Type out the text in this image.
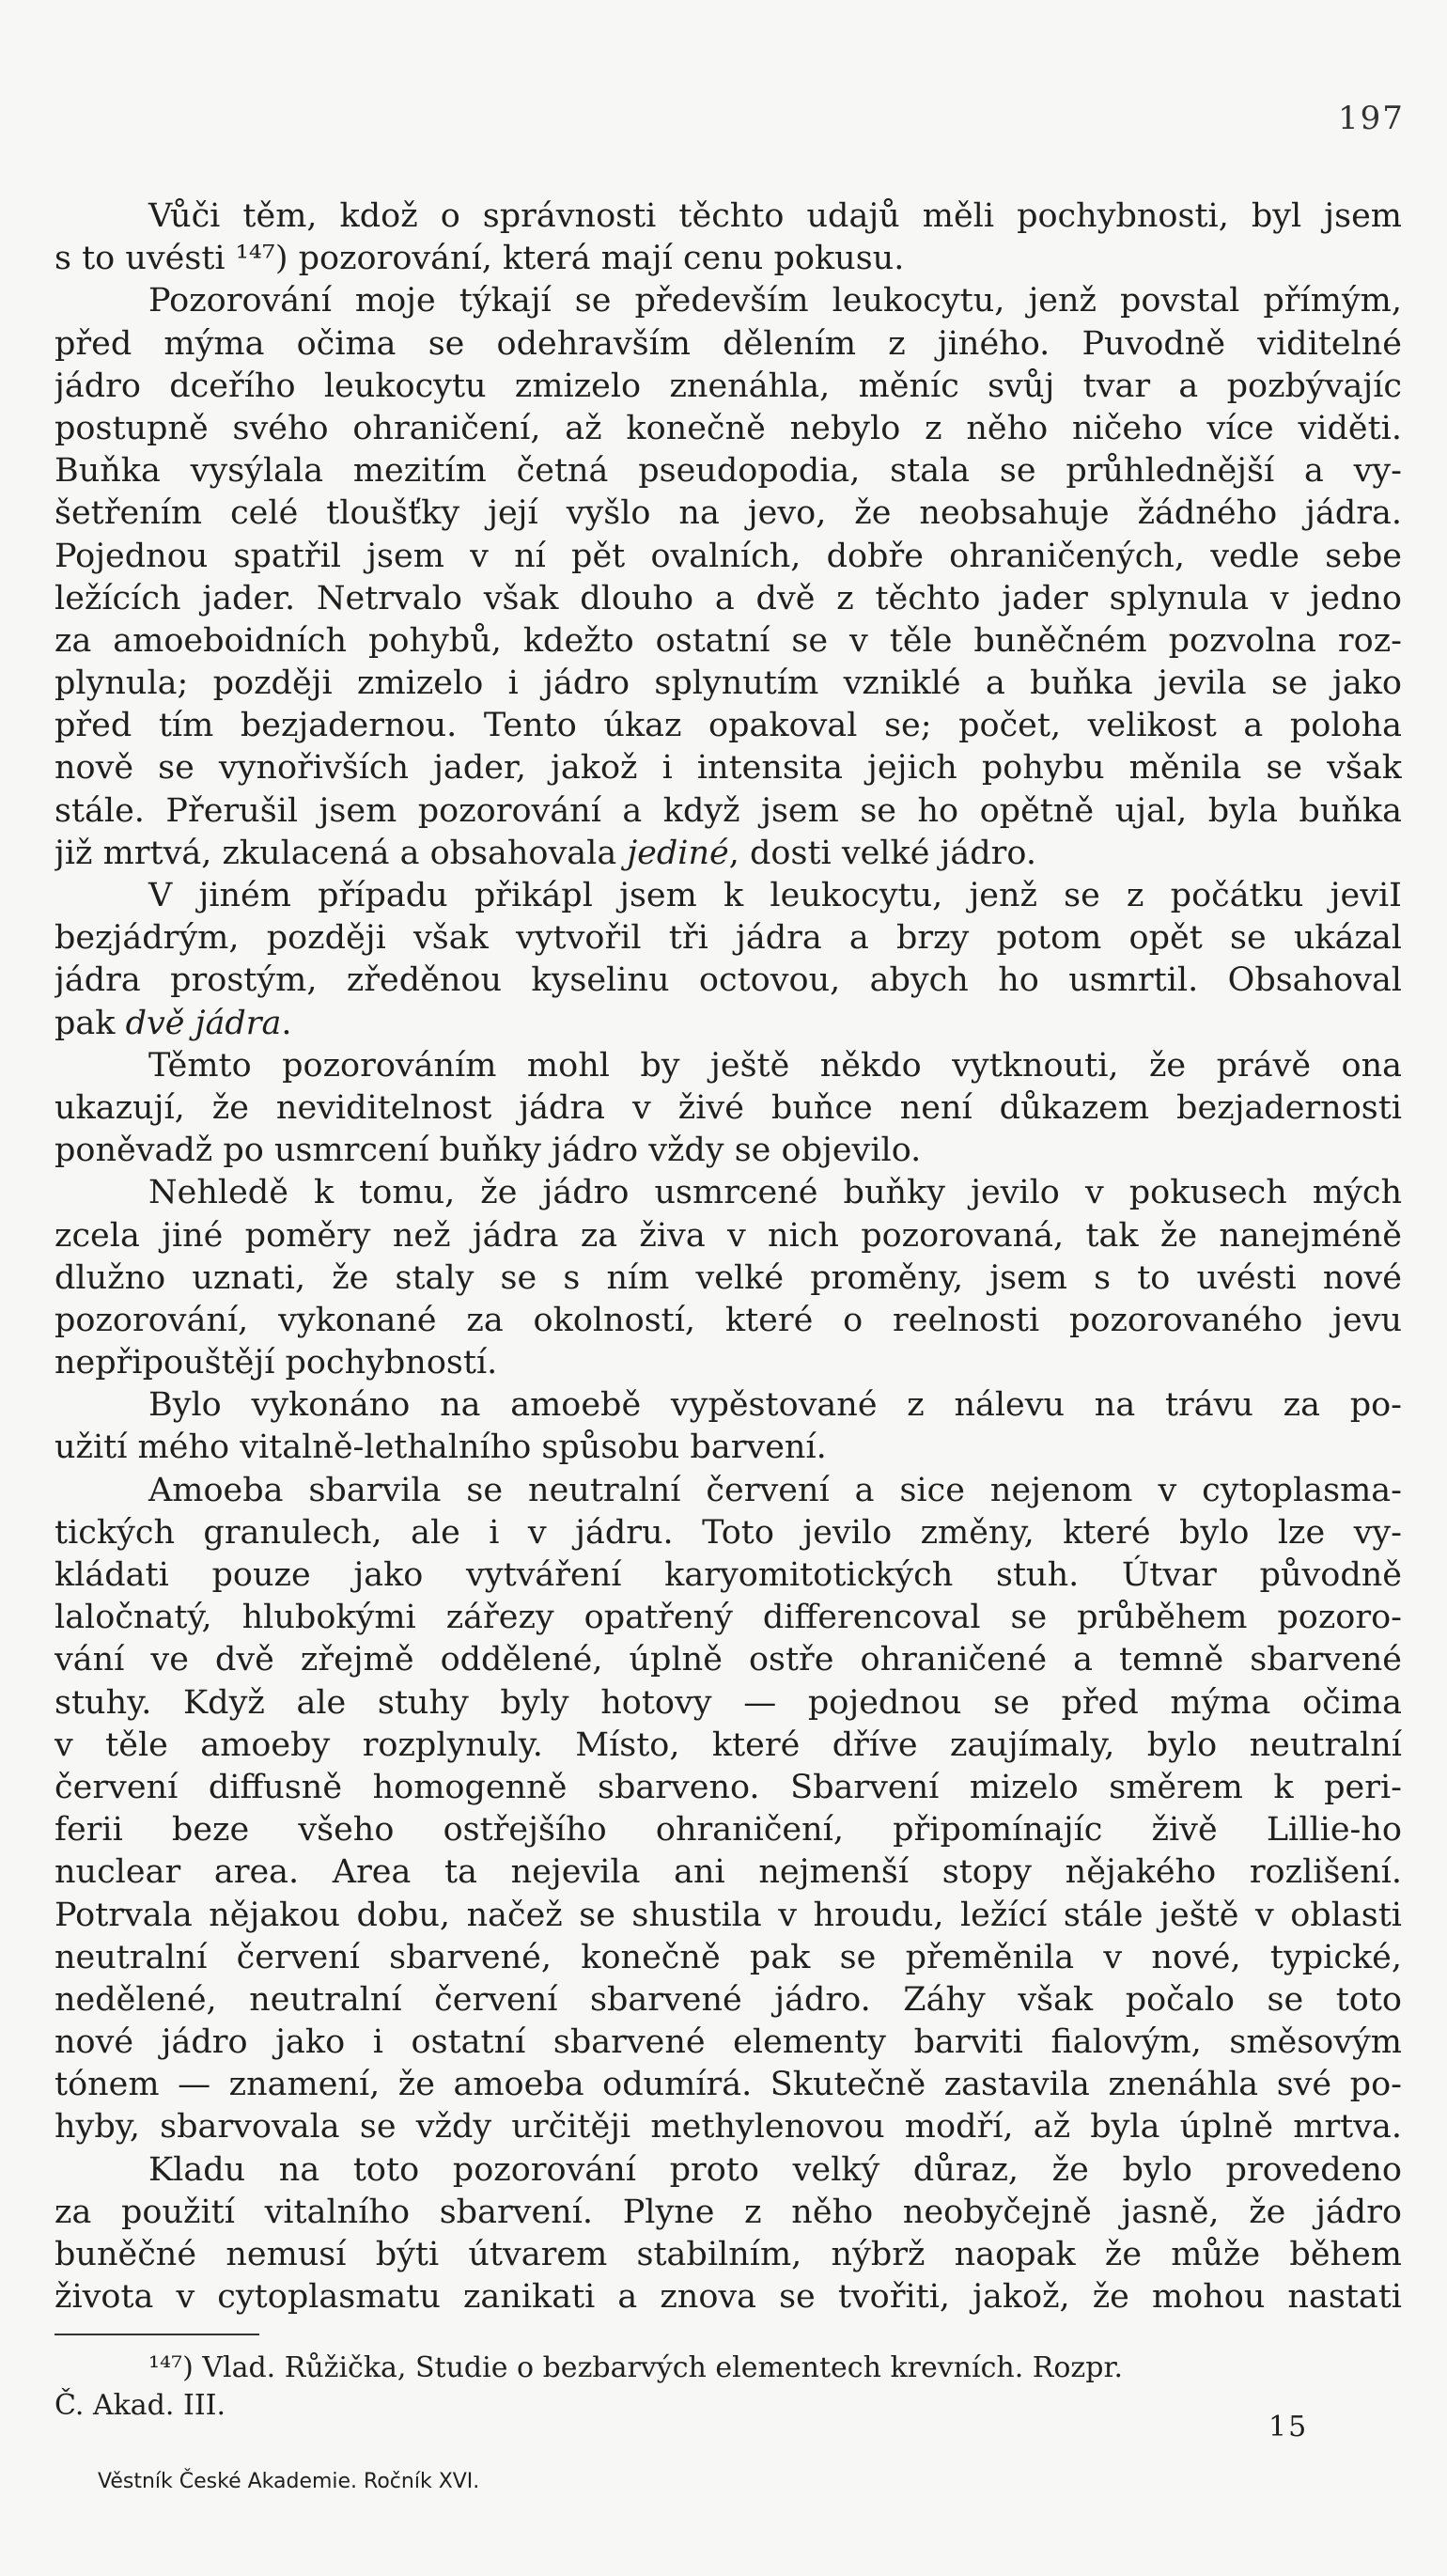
197
Vůči těm, kdož o správnosti těchto udajů měli pochybnosti, byl jsem
s to uvésti ¹⁴⁷) pozorování, která mají cenu pokusu.
Pozorování moje týkají se především leukocytu, jenž povstal přímým,
před mýma očima se odehravším dělením z jiného. Puvodně viditelné
jádro dceřího leukocytu zmizelo znenáhla, měníc svůj tvar a pozbývajíc
postupně svého ohraničení, až konečně nebylo z něho ničeho více viděti.
Buňka vysýlala mezitím četná pseudopodia, stala se průhlednější a vy-
šetřením celé tloušťky její vyšlo na jevo, že neobsahuje žádného jádra.
Pojednou spatřil jsem v ní pět ovalních, dobře ohraničených, vedle sebe
ležících jader. Netrvalo však dlouho a dvě z těchto jader splynula v jedno
za amoeboidních pohybů, kdežto ostatní se v těle buněčném pozvolna roz-
plynula; později zmizelo i jádro splynutím vzniklé a buňka jevila se jako
před tím bezjadernou. Tento úkaz opakoval se; počet, velikost a poloha
nově se vynořivších jader, jakož i intensita jejich pohybu měnila se však
stále. Přerušil jsem pozorování a když jsem se ho opětně ujal, byla buňka
již mrtvá, zkulacená a obsahovala jediné, dosti velké jádro.
V jiném případu přikápl jsem k leukocytu, jenž se z počátku jeviI
bezjádrým, později však vytvořil tři jádra a brzy potom opět se ukázal
jádra prostým, zředěnou kyselinu octovou, abych ho usmrtil. Obsahoval
pak dvě jádra.
Těmto pozorováním mohl by ještě někdo vytknouti, že právě ona
ukazují, že neviditelnost jádra v živé buňce není důkazem bezjadernosti
poněvadž po usmrcení buňky jádro vždy se objevilo.
Nehledě k tomu, že jádro usmrcené buňky jevilo v pokusech mých
zcela jiné poměry než jádra za živa v nich pozorovaná, tak že nanejméně
dlužno uznati, že staly se s ním velké proměny, jsem s to uvésti nové
pozorování, vykonané za okolností, které o reelnosti pozorovaného jevu
nepřipouštějí pochybností.
Bylo vykonáno na amoebě vypěstované z nálevu na trávu za po-
užití mého vitalně-lethalního spůsobu barvení.
Amoeba sbarvila se neutralní červení a sice nejenom v cytoplasma-
tických granulech, ale i v jádru. Toto jevilo změny, které bylo lze vy-
kládati pouze jako vytváření karyomitotických stuh. Útvar původně
laločnatý, hlubokými zářezy opatřený differencoval se průběhem pozoro-
vání ve dvě zřejmě oddělené, úplně ostře ohraničené a temně sbarvené
stuhy. Když ale stuhy byly hotovy — pojednou se před mýma očima
v těle amoeby rozplynuly. Místo, které dříve zaujímaly, bylo neutralní
červení diffusně homogenně sbarveno. Sbarvení mizelo směrem k peri-
ferii beze všeho ostřejšího ohraničení, připomínajíc živě Lillie-ho
nuclear area. Area ta nejevila ani nejmenší stopy nějakého rozlišení.
Potrvala nějakou dobu, načež se shustila v hroudu, ležící stále ještě v oblasti
neutralní červení sbarvené, konečně pak se přeměnila v nové, typické,
nedělené, neutralní červení sbarvené jádro. Záhy však počalo se toto
nové jádro jako i ostatní sbarvené elementy barviti fialovým, směsovým
tónem — znamení, že amoeba odumírá. Skutečně zastavila znenáhla své po-
hyby, sbarvovala se vždy určitěji methylenovou modří, až byla úplně mrtva.
Kladu na toto pozorování proto velký důraz, že bylo provedeno
za použití vitalního sbarvení. Plyne z něho neobyčejně jasně, že jádro
buněčné nemusí býti útvarem stabilním, nýbrž naopak že může během
života v cytoplasmatu zanikati a znova se tvořiti, jakož, že mohou nastati
¹⁴⁷) Vlad. Růžička, Studie o bezbarvých elementech krevních. Rozpr.
Č. Akad. III.
15
Věstník České Akademie. Ročník XVI.
